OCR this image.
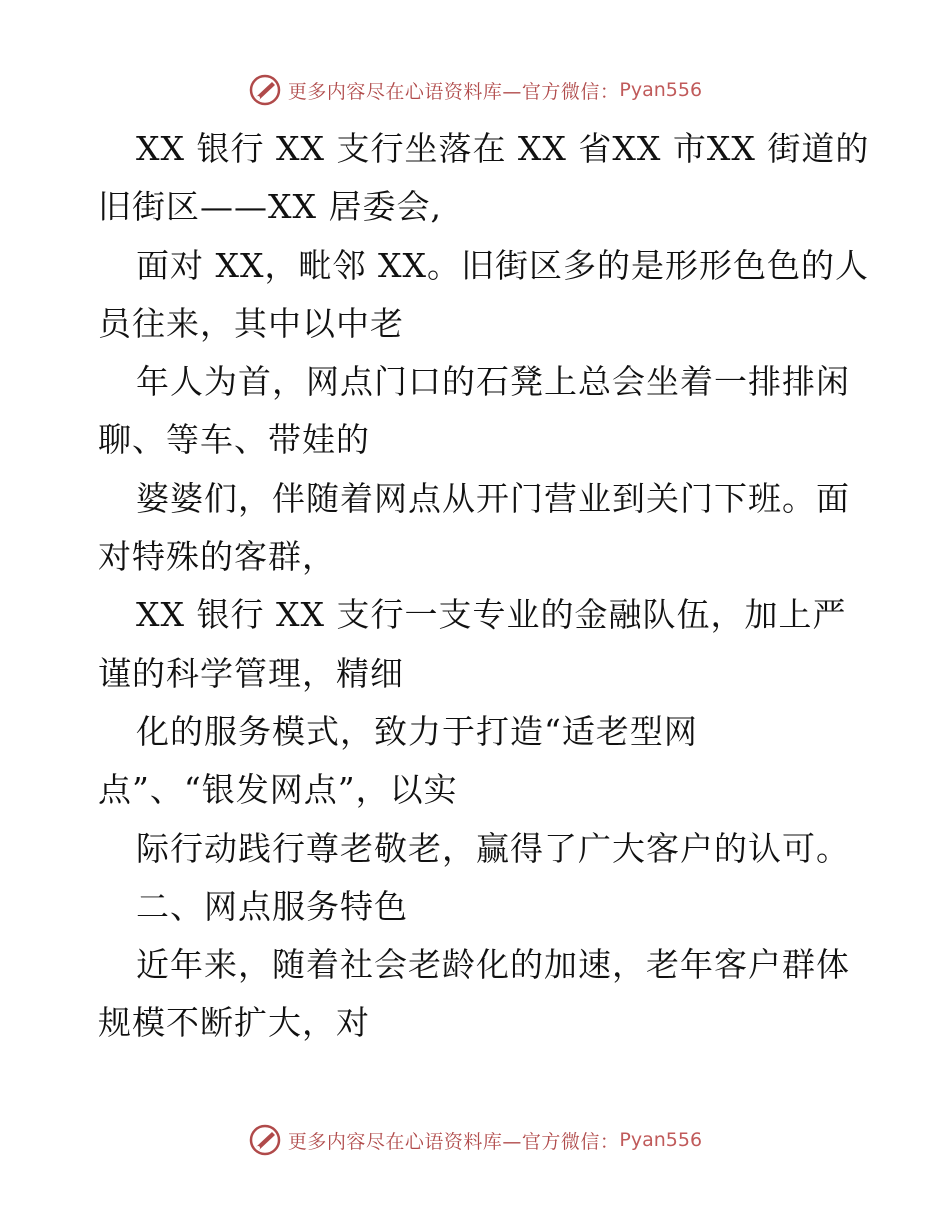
更多内容尽在心语资料库—官方微信： Pyan556
XX 银行 XX 支行坐落在 XX 省XX 市XX 街道的
旧街区——XX 居委会,
面对 XX，毗邻 XX。旧街区多的是形形色色的人
员往来，其中以中老
年人为首，网点门口的石凳上总会坐着一排排闲
聊、等车、带娃的
婆婆们，伴随着网点从开门营业到关门下班。面
对特殊的客群，
XX 银行 XX 支行一支专业的金融队伍，加上严
谨的科学管理，精细
化的服务模式，致力于打造“适老型网
点”、“银发网点”，以实
际行动践行尊老敬老，赢得了广大客户的认可。
二、网点服务特色
近年来，随着社会老龄化的加速，老年客户群体
规模不断扩大，对
更多内容尽在心语资料库—官方微信： Pyan556
